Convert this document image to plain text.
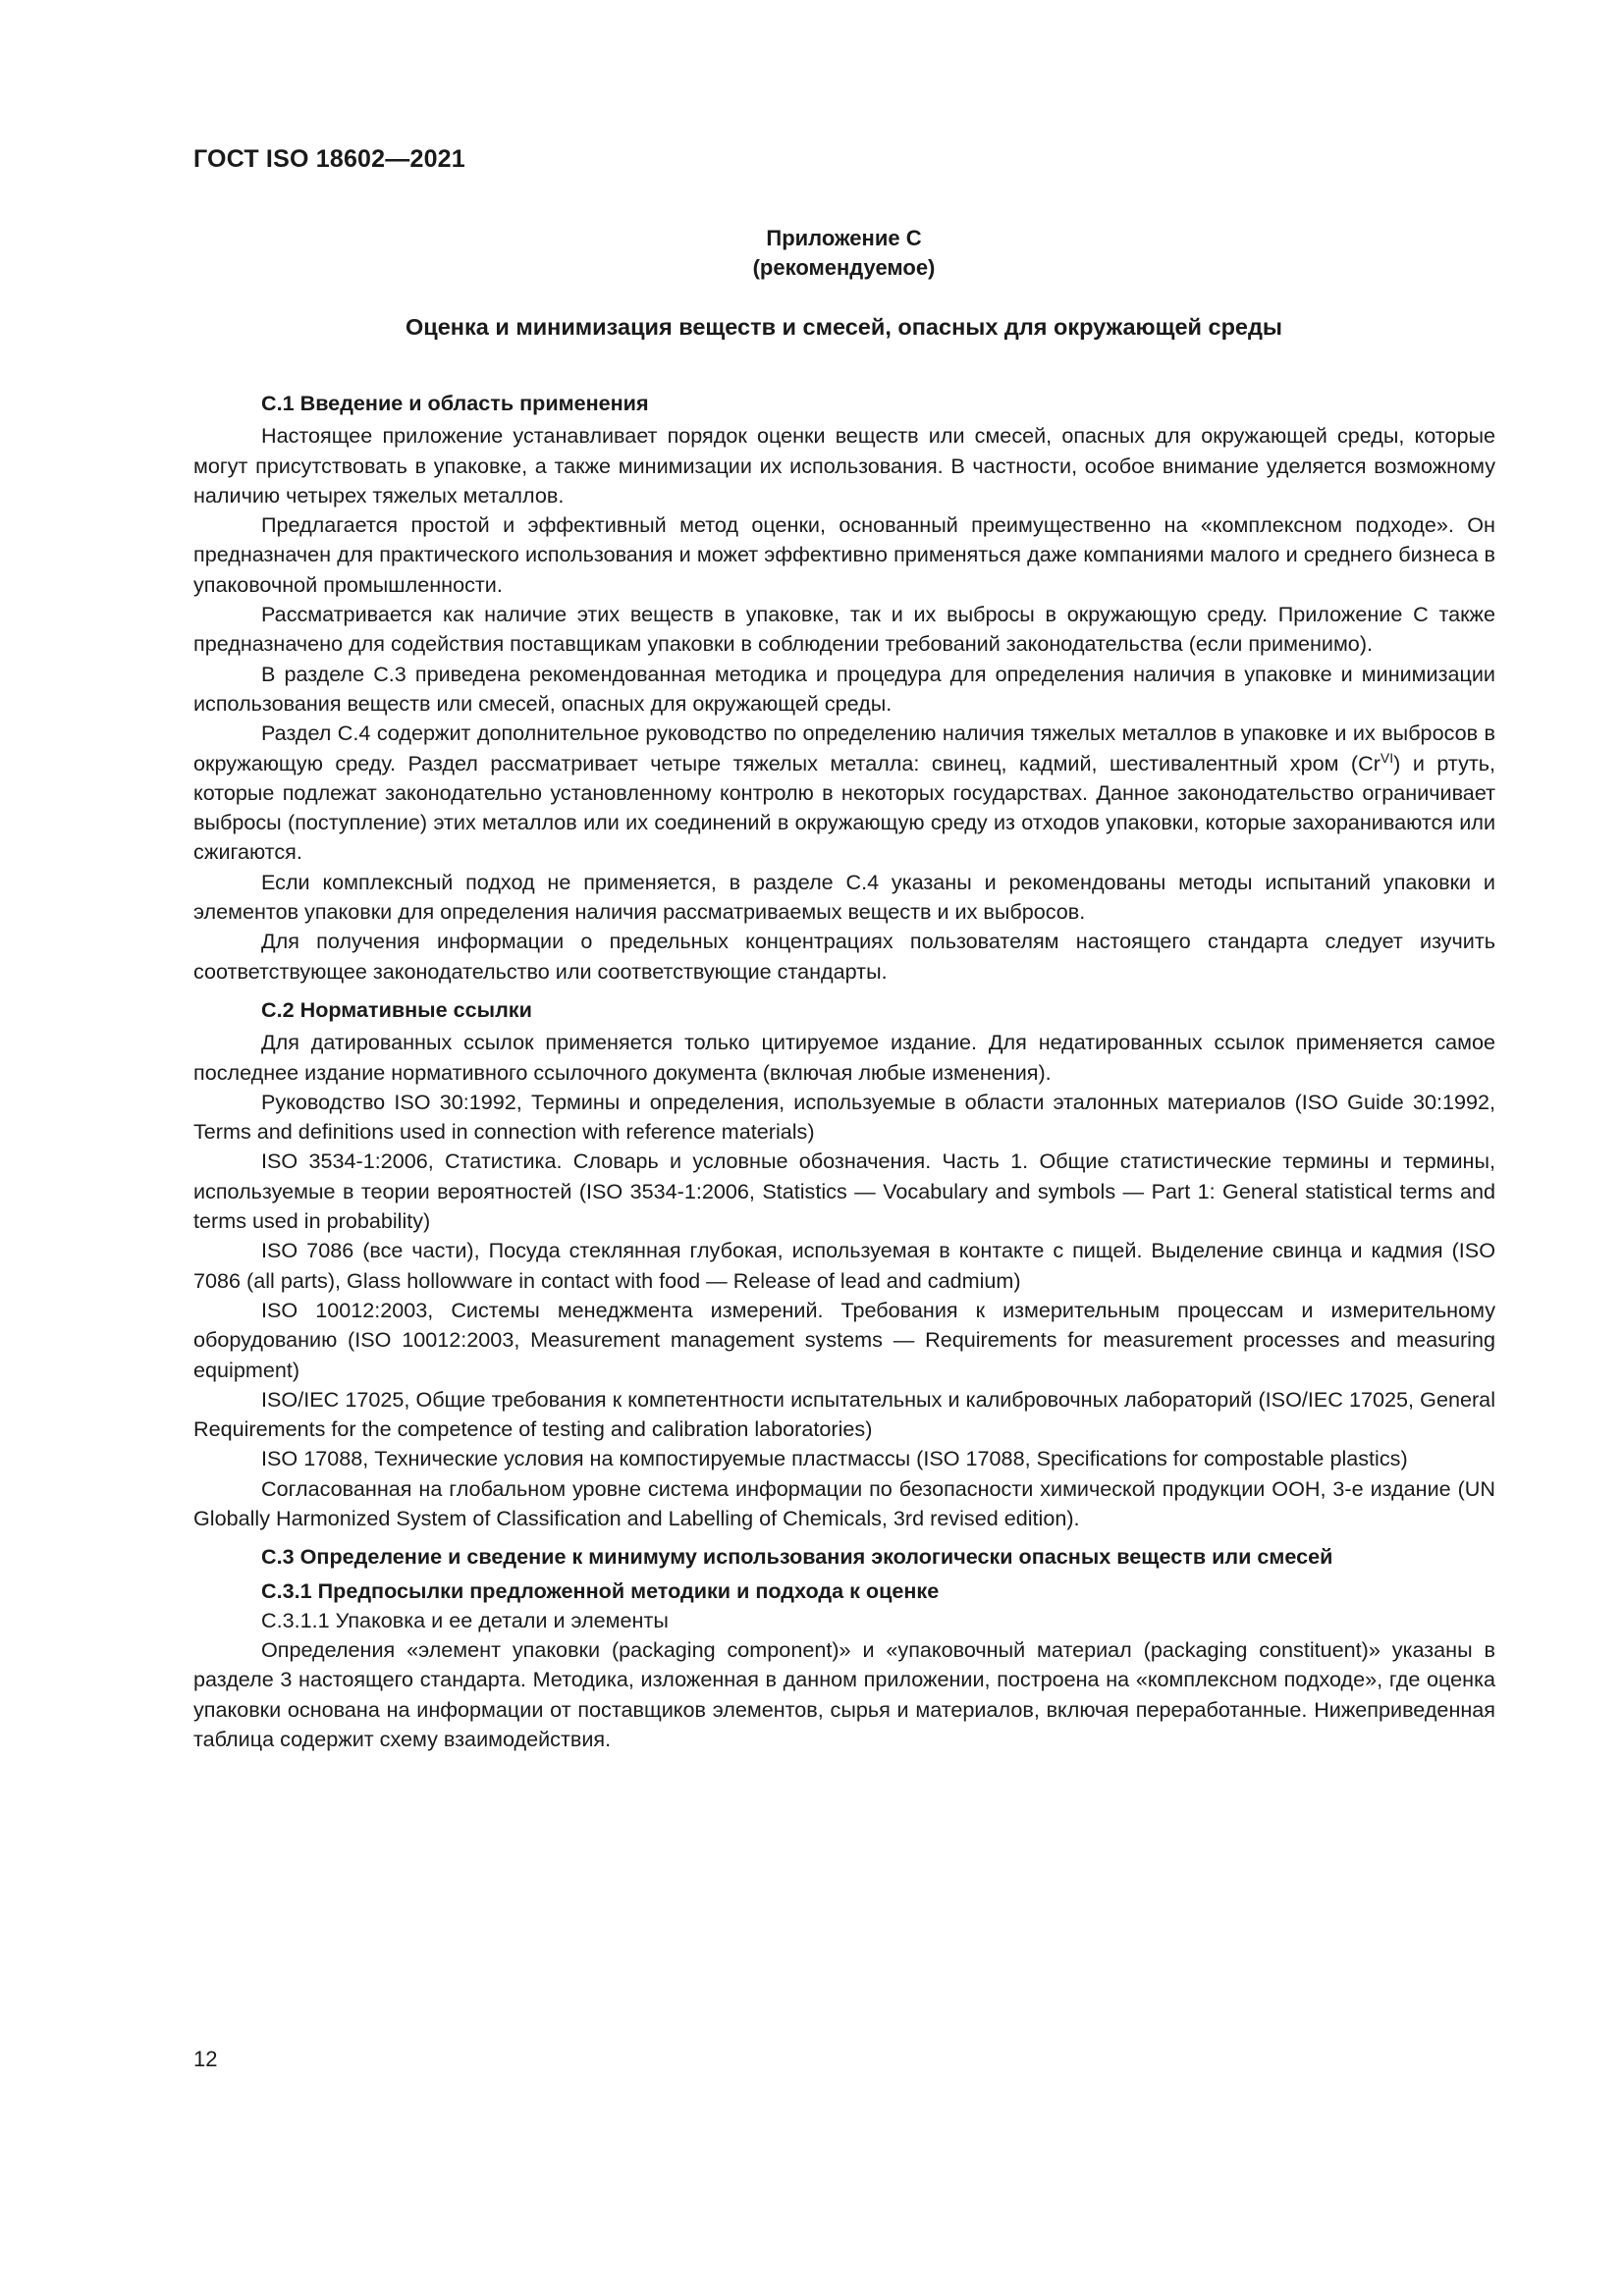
ГОСТ ISO 18602—2021
Приложение С
(рекомендуемое)
Оценка и минимизация веществ и смесей, опасных для окружающей среды
С.1 Введение и область применения

Настоящее приложение устанавливает порядок оценки веществ или смесей, опасных для окружающей среды, которые могут присутствовать в упаковке, а также минимизации их использования. В частности, особое внимание уделяется возможному наличию четырех тяжелых металлов.

Предлагается простой и эффективный метод оценки, основанный преимущественно на «комплексном подходе». Он предназначен для практического использования и может эффективно применяться даже компаниями малого и среднего бизнеса в упаковочной промышленности.

Рассматривается как наличие этих веществ в упаковке, так и их выбросы в окружающую среду. Приложение С также предназначено для содействия поставщикам упаковки в соблюдении требований законодательства (если применимо).

В разделе С.3 приведена рекомендованная методика и процедура для определения наличия в упаковке и минимизации использования веществ или смесей, опасных для окружающей среды.

Раздел С.4 содержит дополнительное руководство по определению наличия тяжелых металлов в упаковке и их выбросов в окружающую среду. Раздел рассматривает четыре тяжелых металла: свинец, кадмий, шестивалентный хром $(Cr^{VI})$ и ртуть, которые подлежат законодательно установленному контролю в некоторых государствах. Данное законодательство ограничивает выбросы (поступление) этих металлов или их соединений в окружающую среду из отходов упаковки, которые захораниваются или сжигаются.

Если комплексный подход не применяется, в разделе С.4 указаны и рекомендованы методы испытаний упаковки и элементов упаковки для определения наличия рассматриваемых веществ и их выбросов.

Для получения информации о предельных концентрациях пользователям настоящего стандарта следует изучить соответствующее законодательство или соответствующие стандарты.

С.2 Нормативные ссылки

Для датированных ссылок применяется только цитируемое издание. Для недатированных ссылок применяется самое последнее издание нормативного ссылочного документа (включая любые изменения).

Руководство ISO 30:1992, Термины и определения, используемые в области эталонных материалов (ISO Guide 30:1992, Terms and definitions used in connection with reference materials)

ISO 3534-1:2006, Статистика. Словарь и условные обозначения. Часть 1. Общие статистические термины и термины, используемые в теории вероятностей (ISO 3534-1:2006, Statistics — Vocabulary and symbols — Part 1: General statistical terms and terms used in probability)

ISO 7086 (все части), Посуда стеклянная глубокая, используемая в контакте с пищей. Выделение свинца и кадмия (ISO 7086 (all parts), Glass hollowware in contact with food — Release of lead and cadmium)

ISO 10012:2003, Системы менеджмента измерений. Требования к измерительным процессам и измерительному оборудованию (ISO 10012:2003, Measurement management systems — Requirements for measurement processes and measuring equipment)

ISO/IEC 17025, Общие требования к компетентности испытательных и калибровочных лабораторий (ISO/IEC 17025, General Requirements for the competence of testing and calibration laboratories)

ISO 17088, Технические условия на компостируемые пластмассы (ISO 17088, Specifications for compostable plastics)

Согласованная на глобальном уровне система информации по безопасности химической продукции ООН, 3-е издание (UN Globally Harmonized System of Classification and Labelling of Chemicals, 3rd revised edition).

С.3 Определение и сведение к минимуму использования экологически опасных веществ или смесей
С.3.1 Предпосылки предложенной методики и подхода к оценке

С.3.1.1 Упаковка и ее детали и элементы

Определения «элемент упаковки (packaging component)» и «упаковочный материал (packaging constituent)» указаны в разделе 3 настоящего стандарта. Методика, изложенная в данном приложении, построена на «комплексном подходе», где оценка упаковки основана на информации от поставщиков элементов, сырья и материалов, включая переработанные. Нижеприведенная таблица содержит схему взаимодействия.

12
